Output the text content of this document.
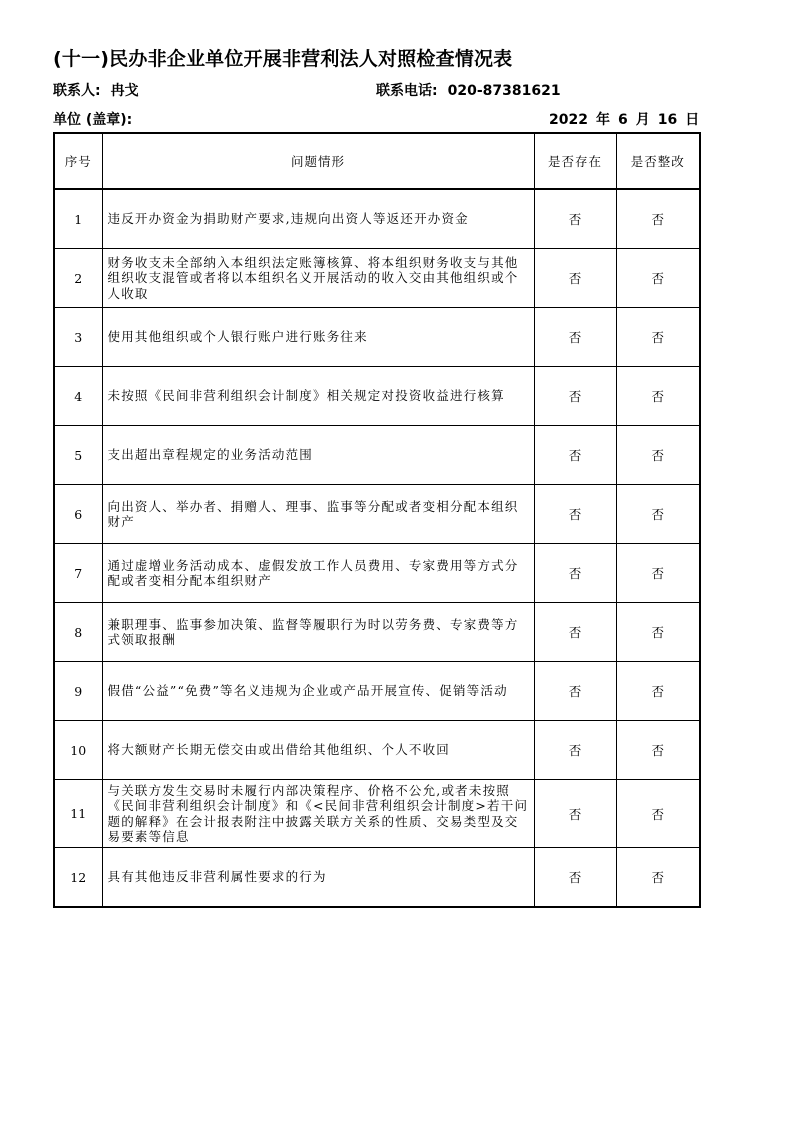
(十一)民办非企业单位开展非营利法人对照检查情况表
联系人: 冉戈	联系电话: 020-87381621
单位 (盖章):	2022 年 6 月 16 日
序号	问题情形	是否存在	是否整改
1	违反开办资金为捐助财产要求,违规向出资人等返还开办资金	否	否
2	财务收支未全部纳入本组织法定账簿核算、将本组织财务收支与其他组织收支混管或者将以本组织名义开展活动的收入交由其他组织或个人收取	否	否
3	使用其他组织或个人银行账户进行账务往来	否	否
4	未按照《民间非营利组织会计制度》相关规定对投资收益进行核算	否	否
5	支出超出章程规定的业务活动范围	否	否
6	向出资人、举办者、捐赠人、理事、监事等分配或者变相分配本组织财产	否	否
7	通过虚增业务活动成本、虚假发放工作人员费用、专家费用等方式分配或者变相分配本组织财产	否	否
8	兼职理事、监事参加决策、监督等履职行为时以劳务费、专家费等方式领取报酬	否	否
9	假借“公益”“免费”等名义违规为企业或产品开展宣传、促销等活动	否	否
10	将大额财产长期无偿交由或出借给其他组织、个人不收回	否	否
11	与关联方发生交易时未履行内部决策程序、价格不公允,或者未按照《民间非营利组织会计制度》和《<民间非营利组织会计制度>若干问题的解释》在会计报表附注中披露关联方关系的性质、交易类型及交易要素等信息	否	否
12	具有其他违反非营利属性要求的行为	否	否
